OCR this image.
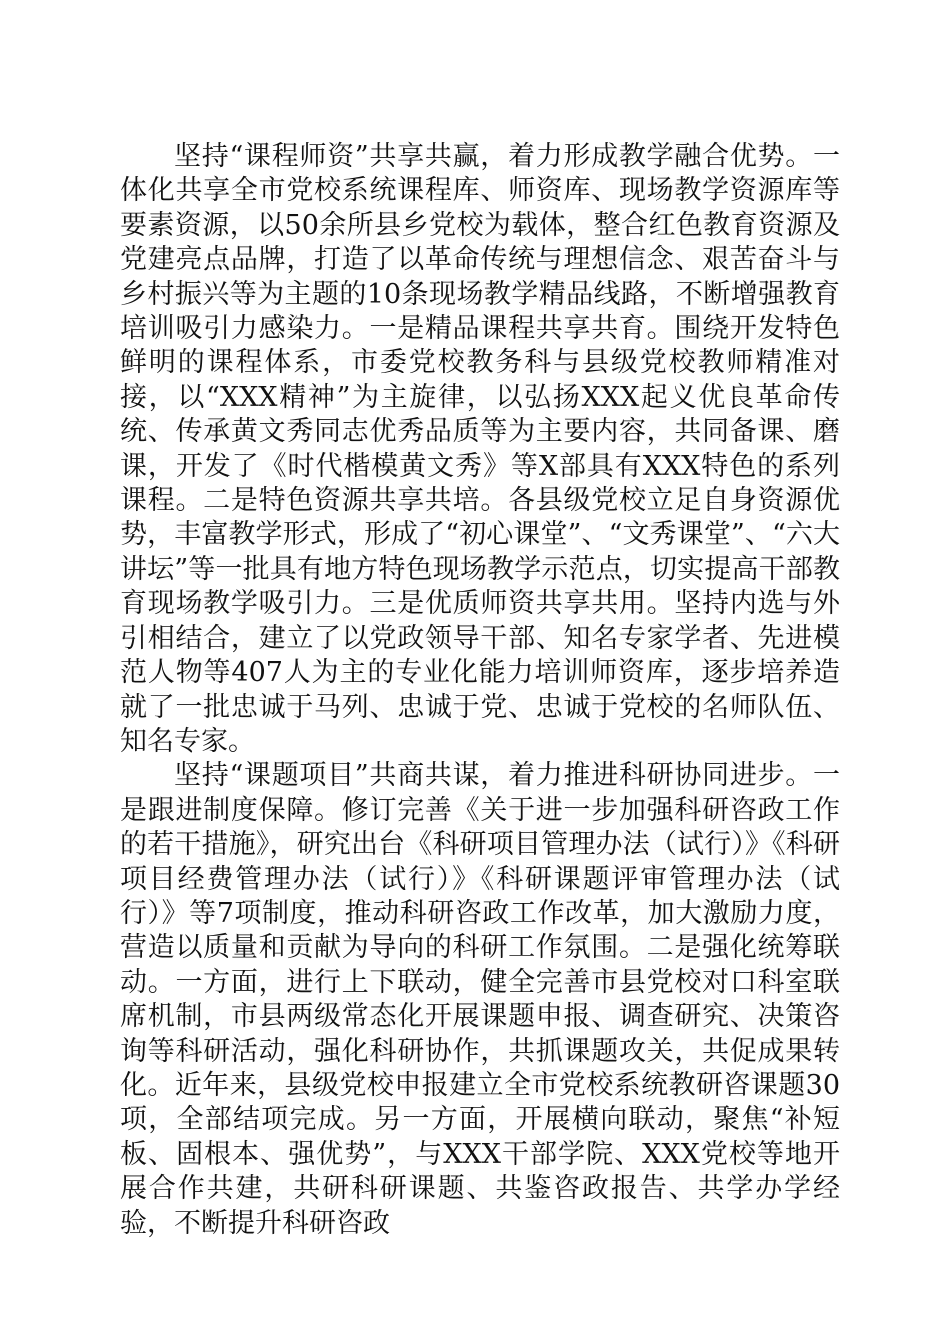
坚持“课程师资”共享共赢，着力形成教学融合优势。一体化共享全市党校系统课程库、师资库、现场教学资源库等要素资源，以50余所县乡党校为载体，整合红色教育资源及党建亮点品牌，打造了以革命传统与理想信念、艰苦奋斗与乡村振兴等为主题的10条现场教学精品线路，不断增强教育培训吸引力感染力。一是精品课程共享共育。围绕开发特色鲜明的课程体系，市委党校教务科与县级党校教师精准对接，以“XXX精神”为主旋律，以弘扬XXX起义优良革命传统、传承黄文秀同志优秀品质等为主要内容，共同备课、磨课，开发了《时代楷模黄文秀》等X部具有XXX特色的系列课程。二是特色资源共享共培。各县级党校立足自身资源优势，丰富教学形式，形成了“初心课堂”、“文秀课堂”、“六大讲坛”等一批具有地方特色现场教学示范点，切实提高干部教育现场教学吸引力。三是优质师资共享共用。坚持内选与外引相结合，建立了以党政领导干部、知名专家学者、先进模范人物等407人为主的专业化能力培训师资库，逐步培养造就了一批忠诚于马列、忠诚于党、忠诚于党校的名师队伍、知名专家。

坚持“课题项目”共商共谋，着力推进科研协同进步。一是跟进制度保障。修订完善《关于进一步加强科研咨政工作的若干措施》，研究出台《科研项目管理办法（试行）》《科研项目经费管理办法（试行）》《科研课题评审管理办法（试行）》等7项制度，推动科研咨政工作改革，加大激励力度，营造以质量和贡献为导向的科研工作氛围。二是强化统筹联动。一方面，进行上下联动，健全完善市县党校对口科室联席机制，市县两级常态化开展课题申报、调查研究、决策咨询等科研活动，强化科研协作，共抓课题攻关，共促成果转化。近年来，县级党校申报建立全市党校系统教研咨课题30项，全部结项完成。另一方面，开展横向联动，聚焦“补短板、固根本、强优势”，与XXX干部学院、XXX党校等地开展合作共建，共研科研课题、共鉴咨政报告、共学办学经验，不断提升科研咨政
